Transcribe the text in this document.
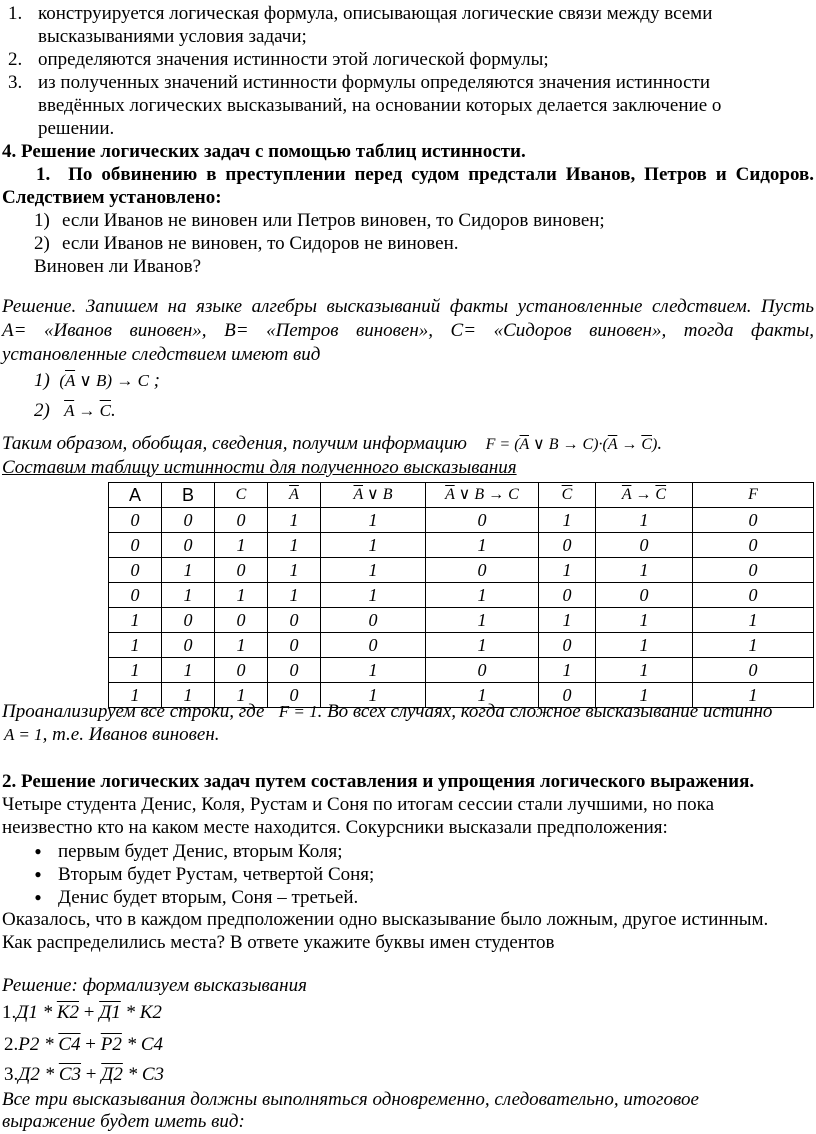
1. конструируется логическая формула, описывающая логические связи между всеми
высказываниями условия задачи;
2. определяются значения истинности этой логической формулы;
3. из полученных значений истинности формулы определяются значения истинности
введённых логических высказываний, на основании которых делается заключение о
решении.
4. Решение логических задач с помощью таблиц истинности.
1. По обвинению в преступлении перед судом предстали Иванов, Петров и Сидоров.
Следствием установлено:
1) если Иванов не виновен или Петров виновен, то Сидоров виновен;
2) если Иванов не виновен, то Сидоров не виновен.
Виновен ли Иванов?
Решение. Запишем на языке алгебры высказываний факты установленные следствием. Пусть
А= «Иванов виновен», В= «Петров виновен», С= «Сидоров виновен», тогда факты,
установленные следствием имеют вид
1) ($\overline{A}$ ∨ B) → C ;
2) $\overline{A} \to \overline{C}$.
Таким образом, обобщая, сведения, получим информацию $F = (\overline{A}$ ∨ $B \to C)\cdot(\overline{A} \to \overline{C})$.
Составим таблицу истинности для полученного высказывания
A	B	C	$\overline{A}$	$\overline{A}$ ∨ B	$\overline{A}$ ∨ B → C	$\overline{C}$	$\overline{A} \to \overline{C}$	F
0	0	0	1	1	0	1	1	0
0	0	1	1	1	1	0	0	0
0	1	0	1	1	0	1	1	0
0	1	1	1	1	1	0	0	0
1	0	0	0	0	1	1	1	1
1	0	1	0	0	1	0	1	1
1	1	0	0	1	0	1	1	0
1	1	1	0	1	1	0	1	1
Проанализируем все строки, где   F = 1. Во всех случаях, когда сложное высказывание истинно
A = 1, т.е. Иванов виновен.
2. Решение логических задач путем составления и упрощения логического выражения.
Четыре студента Денис, Коля, Рустам и Соня по итогам сессии стали лучшими, но пока
неизвестно кто на каком месте находится. Сокурсники высказали предположения:
● первым будет Денис, вторым Коля;
● Вторым будет Рустам, четвертой Соня;
● Денис будет вторым, Соня – третьей.
Оказалось, что в каждом предположении одно высказывание было ложным, другое истинным.
Как распределились места? В ответе укажите буквы имен студентов
Решение: формализуем высказывания
1.Д1 * К2 + Д1 * К2
2.Р2 * С4 + Р2 * С4
3.Д2 * С3 + Д2 * С3
Все три высказывания должны выполняться одновременно, следовательно, итоговое
выражение будет иметь вид:
